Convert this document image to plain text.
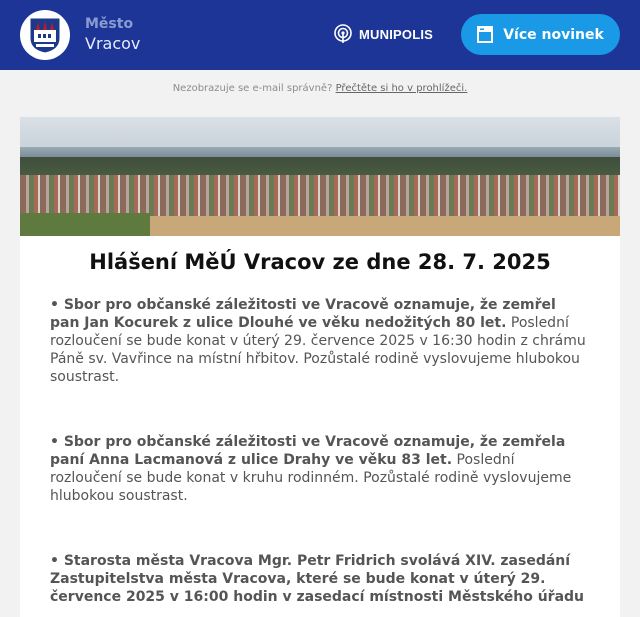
Město
Vracov	MUNIPOLIS	Více novinek
Nezobrazuje se e-mail správně? Přečtěte si ho v prohlížeči.
Hlášení MěÚ Vracov ze dne 28. 7. 2025
• Sbor pro občanské záležitosti ve Vracově oznamuje, že zemřel pan Jan Kocurek z ulice Dlouhé ve věku nedožitých 80 let. Poslední rozloučení se bude konat v úterý 29. července 2025 v 16:30 hodin z chrámu Páně sv. Vavřince na místní hřbitov. Pozůstalé rodině vyslovujeme hlubokou soustrast.
• Sbor pro občanské záležitosti ve Vracově oznamuje, že zemřela paní Anna Lacmanová z ulice Drahy ve věku 83 let. Poslední rozloučení se bude konat v kruhu rodinném. Pozůstalé rodině vyslovujeme hlubokou soustrast.
• Starosta města Vracova Mgr. Petr Fridrich svolává XIV. zasedání Zastupitelstva města Vracova, které se bude konat v úterý 29. července 2025 v 16:00 hodin v zasedací místnosti Městského úřadu
